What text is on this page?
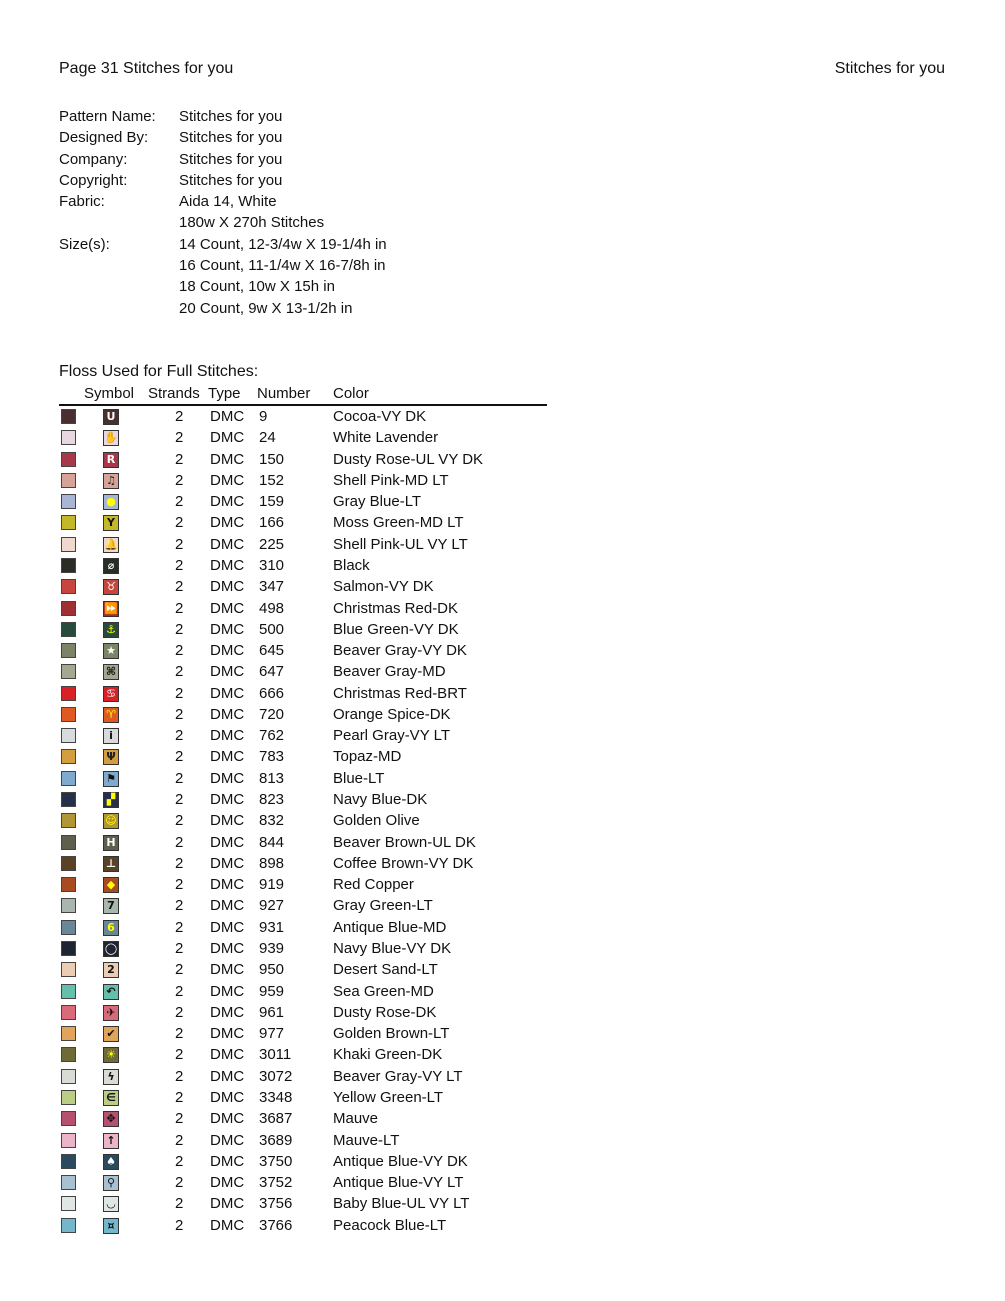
Page 31 Stitches for you	Stitches for you
Pattern Name: Stitches for you
Designed By: Stitches for you
Company:	Stitches for you
Copyright:	Stitches for you
Fabric:	Aida 14, White
180w X 270h Stitches
Size(s):	14 Count, 12-3/4w X 19-1/4h in
16 Count, 11-1/4w X 16-7/8h in
18 Count, 10w X 15h in
20 Count, 9w X 13-1/2h in
Floss Used for Full Stitches:
Symbol Strands Type Number Color
U	2 DMC 9	Cocoa-VY DK
✋	2 DMC 24	White Lavender
R	2 DMC 150	Dusty Rose-UL VY DK
♫	2 DMC 152	Shell Pink-MD LT
●	2 DMC 159	Gray Blue-LT
Y	2 DMC 166	Moss Green-MD LT
🔔	2 DMC 225	Shell Pink-UL VY LT
⌀	2 DMC 310	Black
♉	2 DMC 347	Salmon-VY DK
⏩	2 DMC 498	Christmas Red-DK
⚓	2 DMC 500	Blue Green-VY DK
★	2 DMC 645	Beaver Gray-VY DK
⌘	2 DMC 647	Beaver Gray-MD
♋	2 DMC 666	Christmas Red-BRT
♈	2 DMC 720	Orange Spice-DK
i	2 DMC 762	Pearl Gray-VY LT
Ψ	2 DMC 783	Topaz-MD
⚑	2 DMC 813	Blue-LT
▞	2 DMC 823	Navy Blue-DK
☺	2 DMC 832	Golden Olive
H	2 DMC 844	Beaver Brown-UL DK
⊥	2 DMC 898	Coffee Brown-VY DK
◆	2 DMC 919	Red Copper
7	2 DMC 927	Gray Green-LT
6	2 DMC 931	Antique Blue-MD
◯	2 DMC 939	Navy Blue-VY DK
2	2 DMC 950	Desert Sand-LT
↶	2 DMC 959	Sea Green-MD
✈	2 DMC 961	Dusty Rose-DK
✔	2 DMC 977	Golden Brown-LT
☀	2 DMC 3011	Khaki Green-DK
ϟ	2 DMC 3072	Beaver Gray-VY LT
∈	2 DMC 3348	Yellow Green-LT
✥	2 DMC 3687	Mauve
↑	2 DMC 3689	Mauve-LT
♠	2 DMC 3750	Antique Blue-VY DK
⚲	2 DMC 3752	Antique Blue-VY LT
◡	2 DMC 3756	Baby Blue-UL VY LT
¤	2 DMC 3766	Peacock Blue-LT
